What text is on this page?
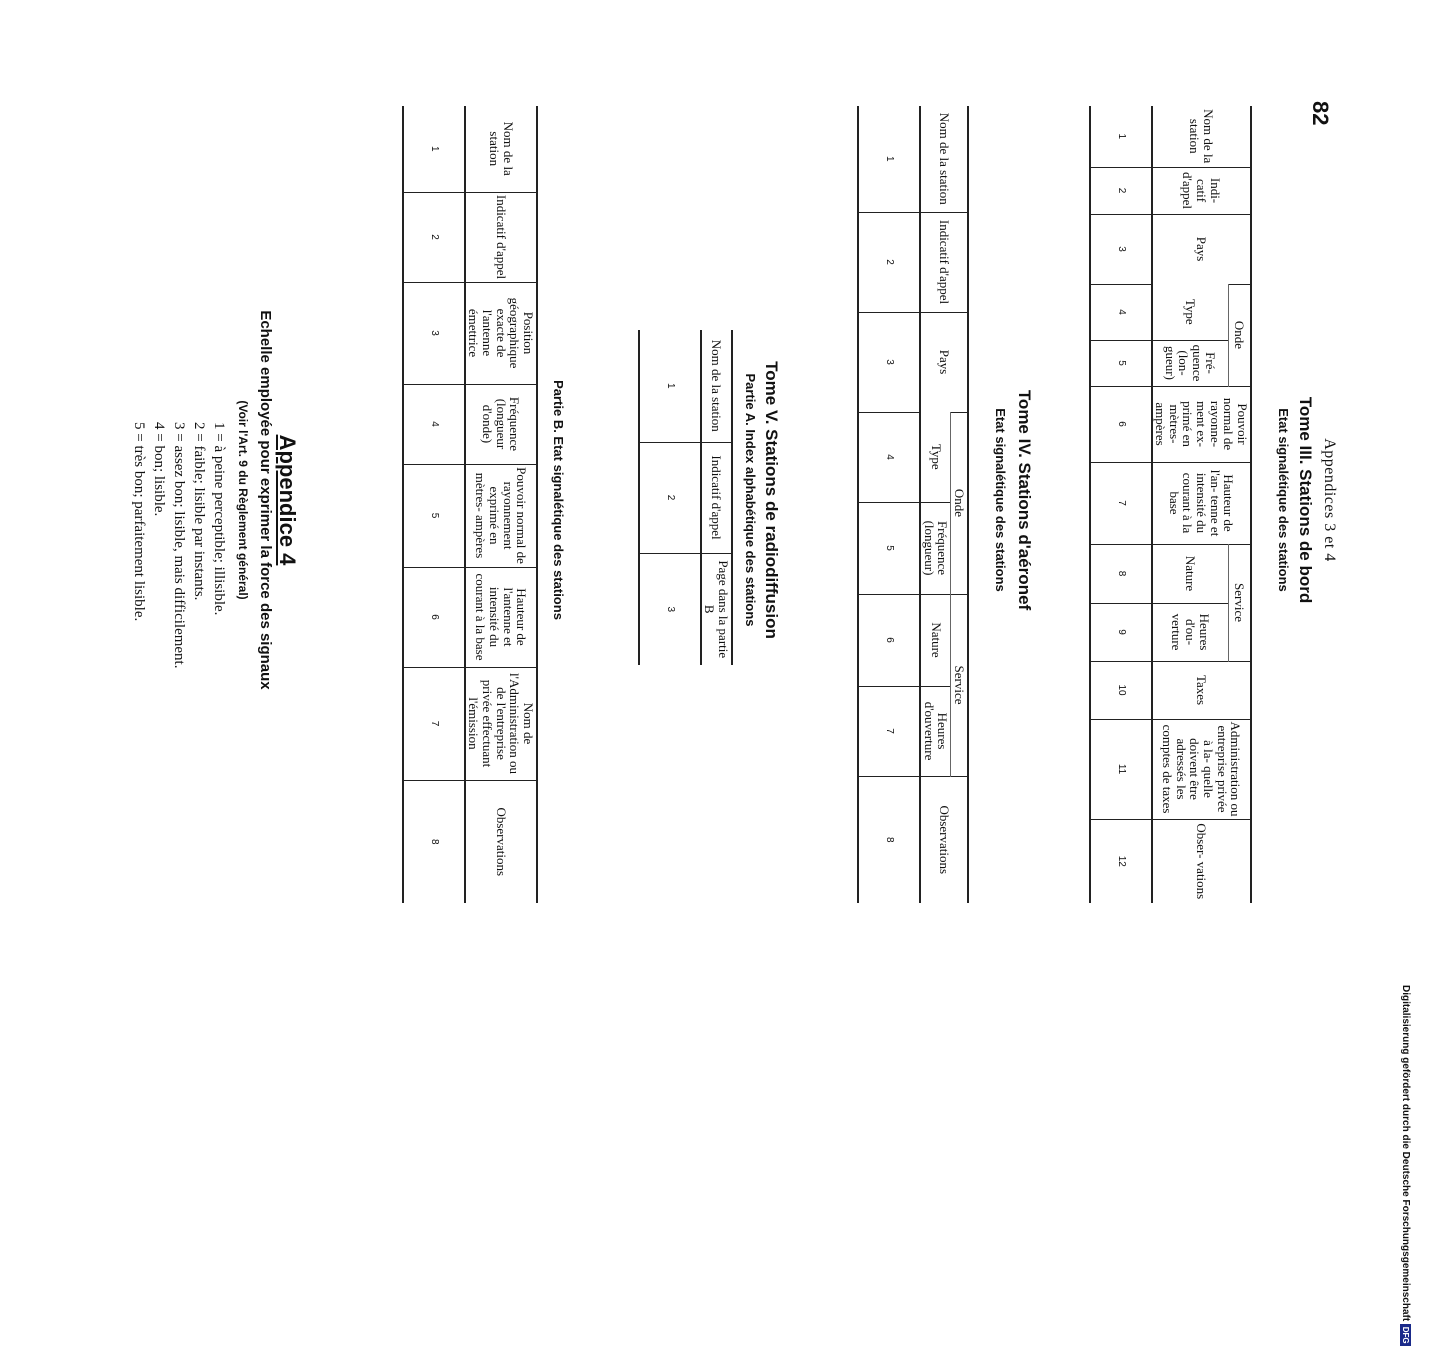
82
Appendices 3 et 4
Tome III. Stations de bord
Etat signalétique des stations
Nom de la station	Indi- catif d'appel	Pays	Onde		Pouvoir normal de rayonne- ment ex- primé en mètres- ampères	Hauteur de l'an- tenne et intensité du courant à la base	Service		Taxes	Administration ou entreprise privée à la- quelle doivent être adressés les comptes de taxes	Obser- vations
			Type	Fré- quence (lon- gueur)			Nature	Heures d'ou- verture			
1	2	3	4	5	6	7	8	9	10	11	12
Tome IV. Stations d'aéronef
Etat signalétique des stations
Nom de la station	Indicatif d'appel	Pays	Onde		Service		Observations
			Type	Fréquence (longueur)	Nature	Heures d'ouverture	
1	2	3	4	5	6	7	8
Tome V. Stations de radiodiffusion
Partie A. Index alphabétique des stations
Nom de la station	Indicatif d'appel	Page dans la partie B
1	2	3
Partie B. Etat signalétique des stations
Nom de la station	Indicatif d'appel	Position géographique exacte de l'antenne émettrice	Fréquence (longueur d'onde)	Pouvoir normal de rayonnement exprimé en mètres- ampères	Hauteur de l'antenne et intensité du courant à la base	Nom de l'Administration ou de l'entreprise privée effectuant l'émission	Observations
1	2	3	4	5	6	7	8
Appendice 4
Echelle employée pour exprimer la force des signaux
(Voir l'Art. 9 du Règlement général)
1 = à peine perceptible; illisible.
2 = faible; lisible par instants.
3 = assez bon; lisible, mais difficilement.
4 = bon; lisible.
5 = très bon; parfaitement lisible.
Digitalisierung gefördert durch die Deutsche Forschungsgemeinschaft
DFG
